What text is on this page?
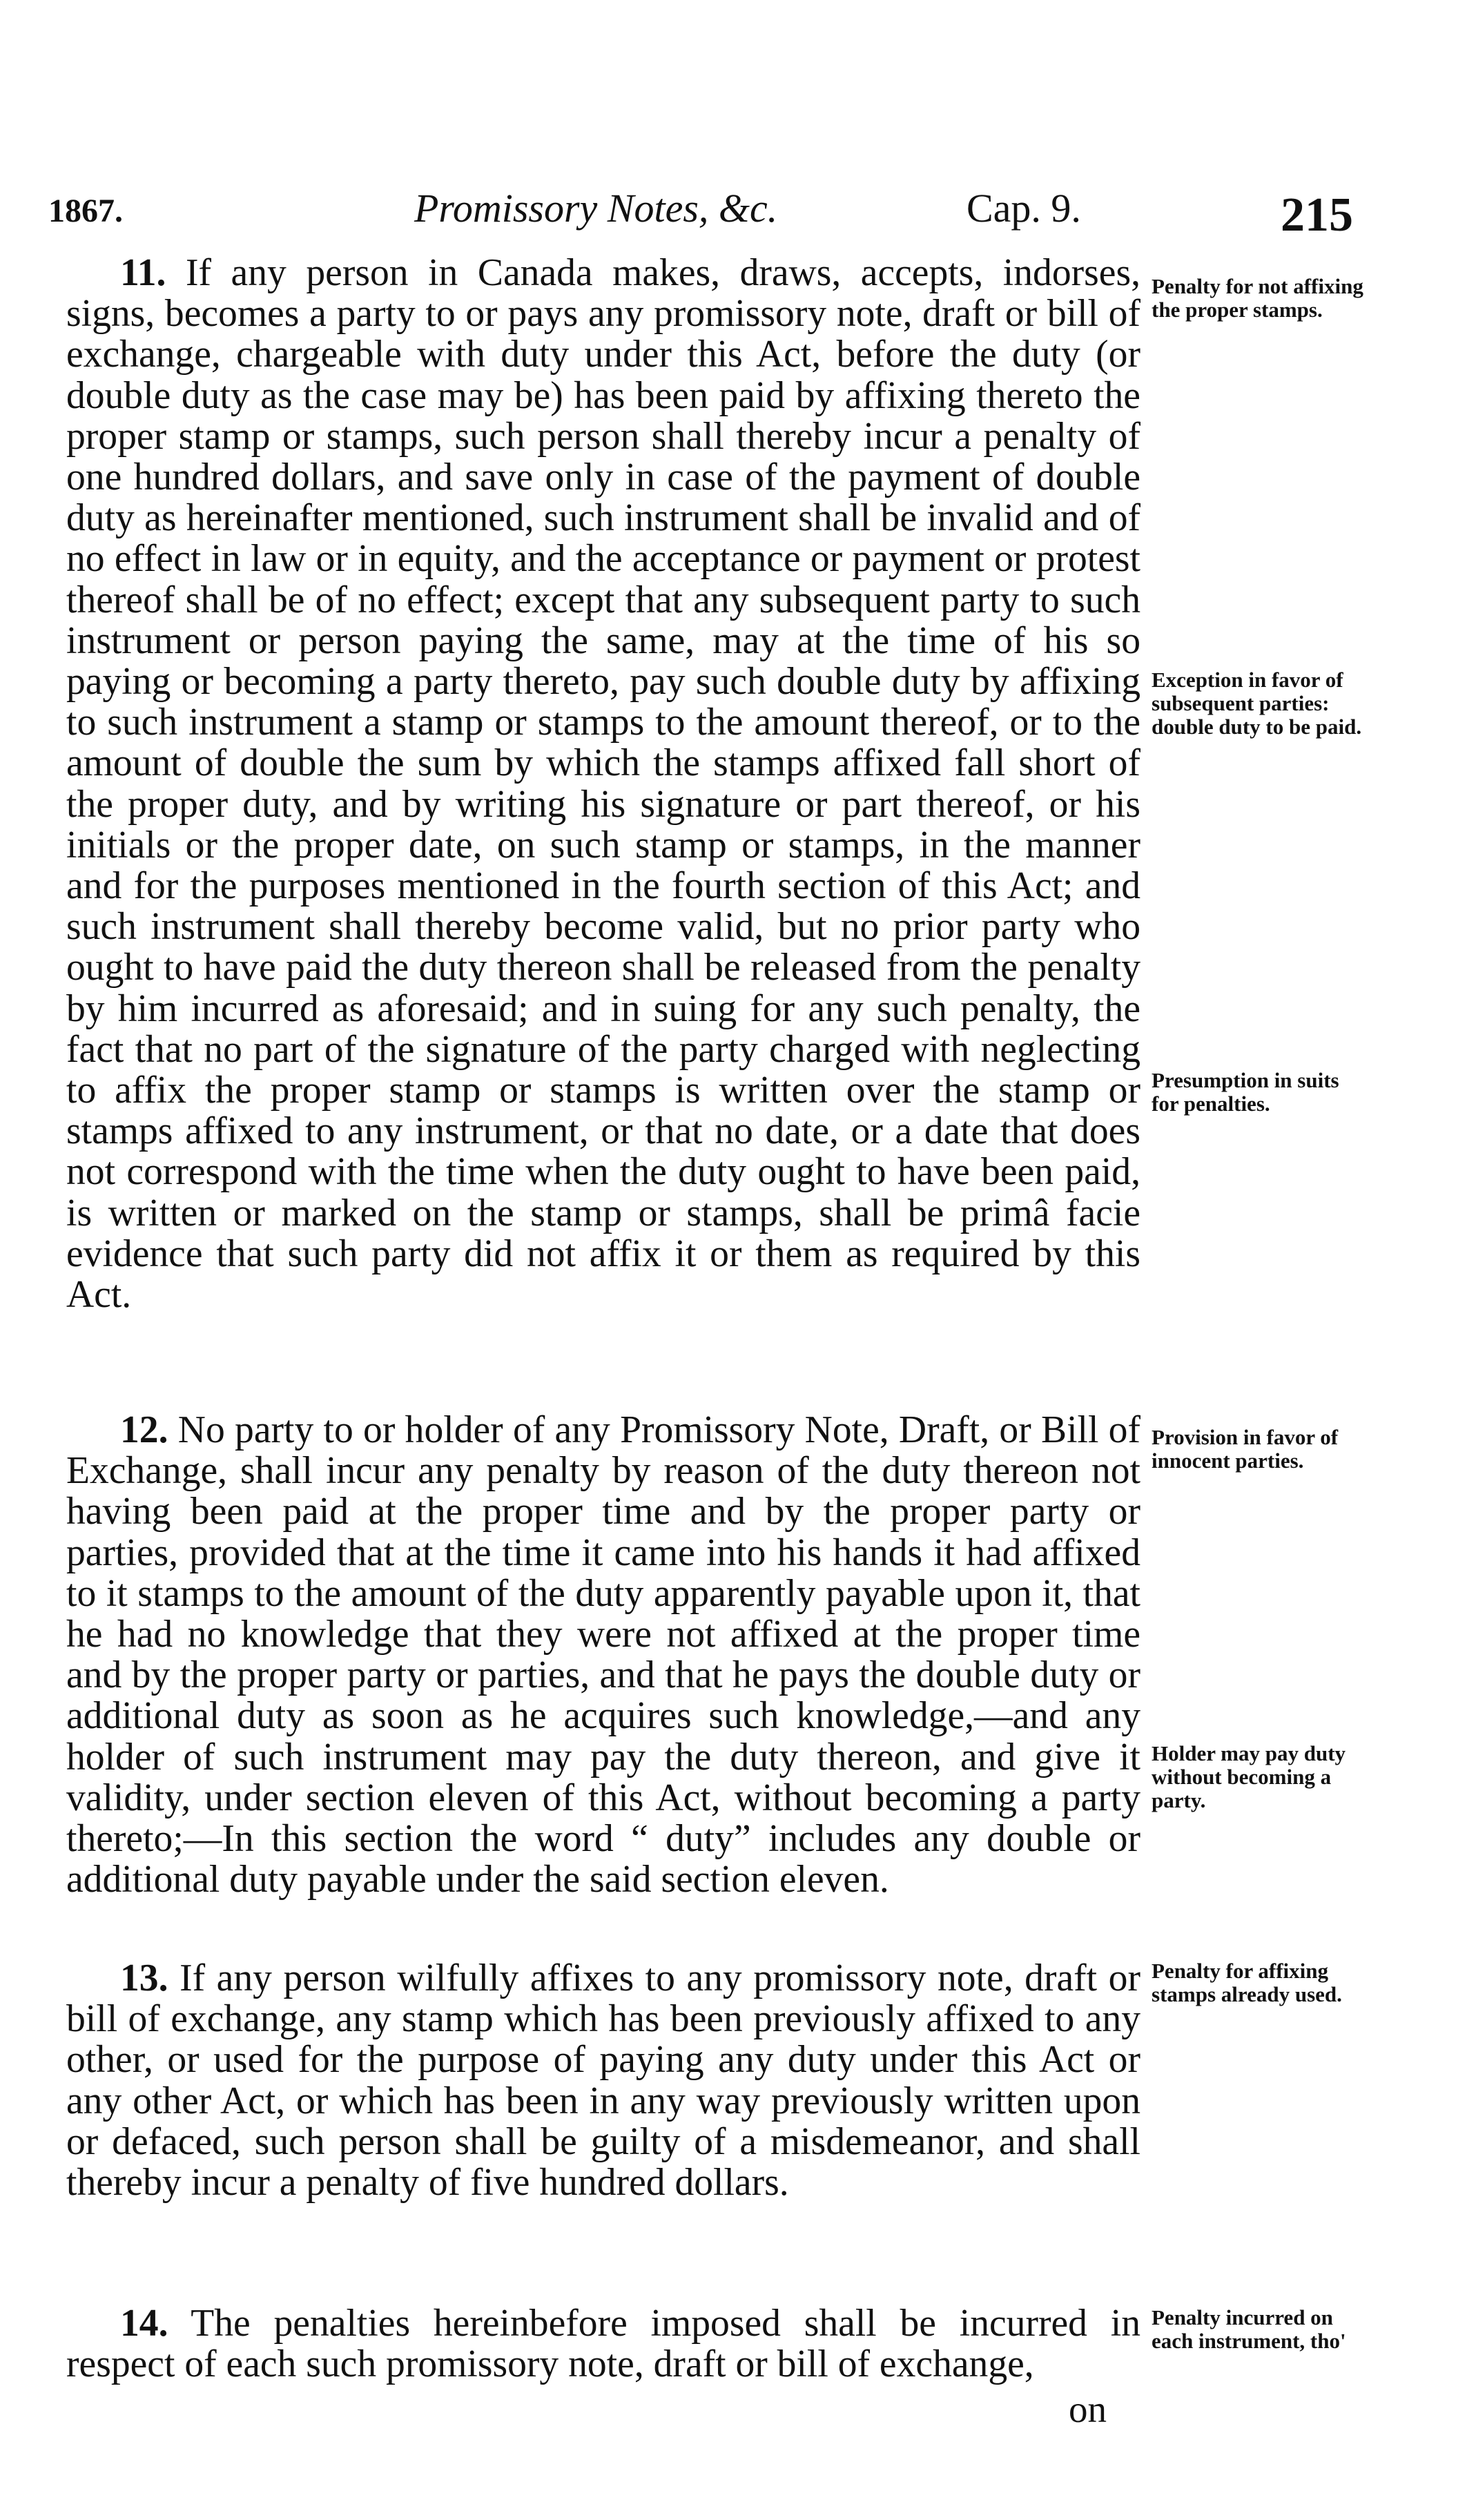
1867.	Promissory Notes, &c.	Cap. 9.	215

11. If any person in Canada makes, draws, accepts, indorses, signs, becomes a party to or pays any promissory note, draft or bill of exchange, chargeable with duty under this Act, before the duty (or double duty as the case may be) has been paid by affixing thereto the proper stamp or stamps, such person shall thereby incur a penalty of one hundred dollars, and save only in case of the payment of double duty as hereinafter mentioned, such instrument shall be invalid and of no effect in law or in equity, and the acceptance or payment or protest thereof shall be of no effect; except that any subsequent party to such instrument or person paying the same, may at the time of his so paying or becoming a party thereto, pay such double duty by affixing to such instrument a stamp or stamps to the amount thereof, or to the amount of double the sum by which the stamps affixed fall short of the proper duty, and by writing his signature or part thereof, or his initials or the proper date, on such stamp or stamps, in the manner and for the purposes mentioned in the fourth section of this Act; and such instrument shall thereby become valid, but no prior party who ought to have paid the duty thereon shall be released from the penalty by him incurred as aforesaid; and in suing for any such penalty, the fact that no part of the signature of the party charged with neglecting to affix the proper stamp or stamps is written over the stamp or stamps affixed to any instrument, or that no date, or a date that does not correspond with the time when the duty ought to have been paid, is written or marked on the stamp or stamps, shall be primâ facie evidence that such party did not affix it or them as required by this Act.

12. No party to or holder of any Promissory Note, Draft, or Bill of Exchange, shall incur any penalty by reason of the duty thereon not having been paid at the proper time and by the proper party or parties, provided that at the time it came into his hands it had affixed to it stamps to the amount of the duty apparently payable upon it, that he had no knowledge that they were not affixed at the proper time and by the proper party or parties, and that he pays the double duty or additional duty as soon as he acquires such knowledge,—and any holder of such instrument may pay the duty thereon, and give it validity, under section eleven of this Act, without becoming a party thereto;—In this section the word “ duty” includes any double or additional duty payable under the said section eleven.

13. If any person wilfully affixes to any promissory note, draft or bill of exchange, any stamp which has been previously affixed to any other, or used for the purpose of paying any duty under this Act or any other Act, or which has been in any way previously written upon or defaced, such person shall be guilty of a misdemeanor, and shall thereby incur a penalty of five hundred dollars.

14. The penalties hereinbefore imposed shall be incurred in respect of each such promissory note, draft or bill of exchange,

Penalty for not affixing the proper stamps.

Exception in favor of subsequent parties: double duty to be paid.

Presumption in suits for penalties.

Provision in favor of innocent parties.

Holder may pay duty without becoming a party.

Penalty for affixing stamps already used.

Penalty incurred on each instrument, tho'

on
